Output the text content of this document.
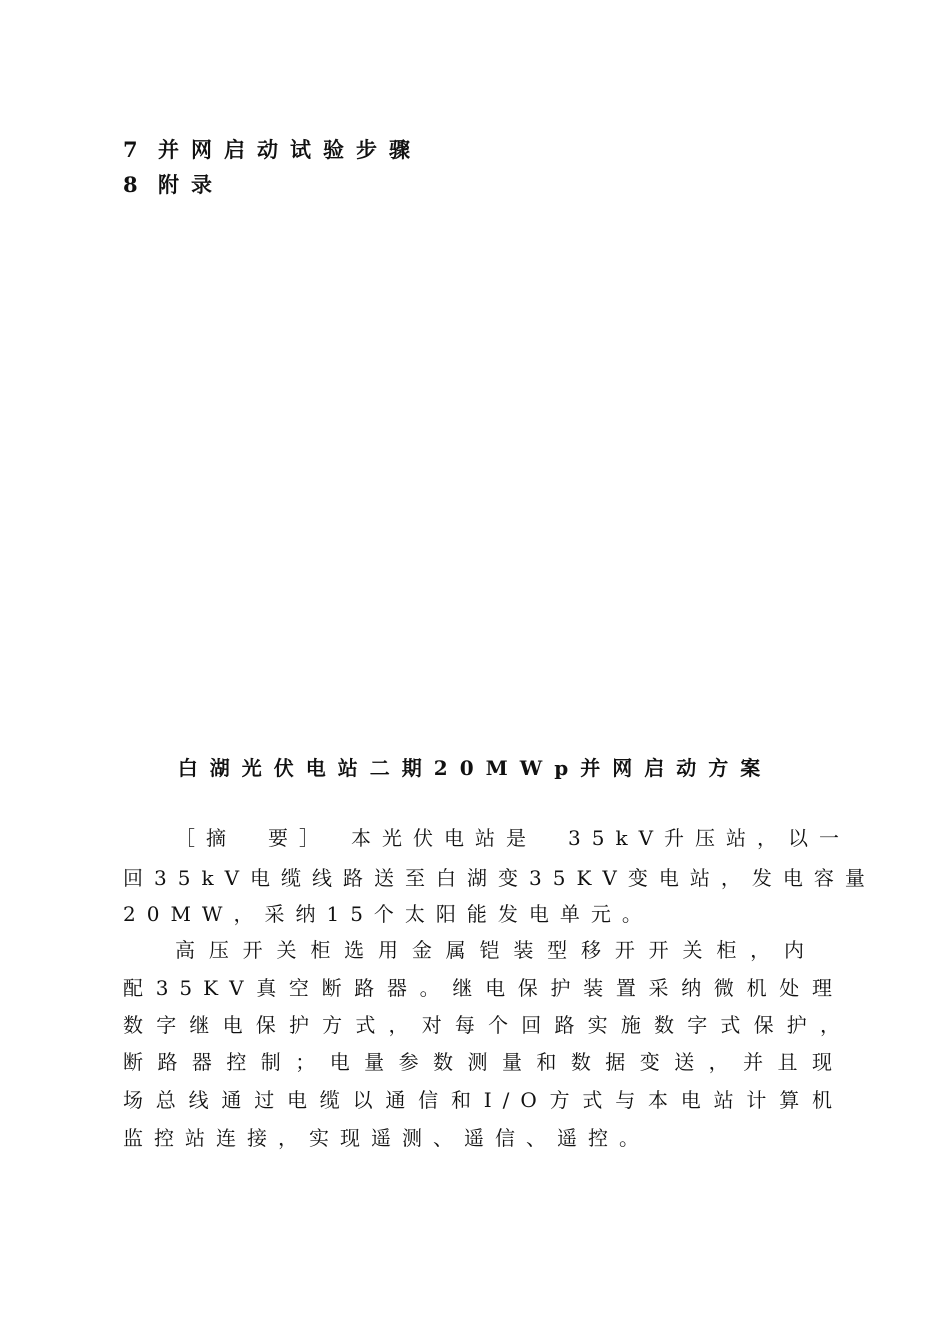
7 并网启动试验步骤
8 附录
白湖光伏电站二期20MWp并网启动方案
［摘　要］　本光伏电站是　35kV升压站，以一
回35kV电缆线路送至白湖变35KV变电站，发电容量
20MW，采纳15个太阳能发电单元。
高压开关柜选用金属铠装型移开开关柜，内
配35KV真空断路器。继电保护装置采纳微机处理
数字继电保护方式，对每个回路实施数字式保护，
断路器控制；电量参数测量和数据变送，并且现
场总线通过电缆以通信和I/O方式与本电站计算机
监控站连接，实现遥测、遥信、遥控。
